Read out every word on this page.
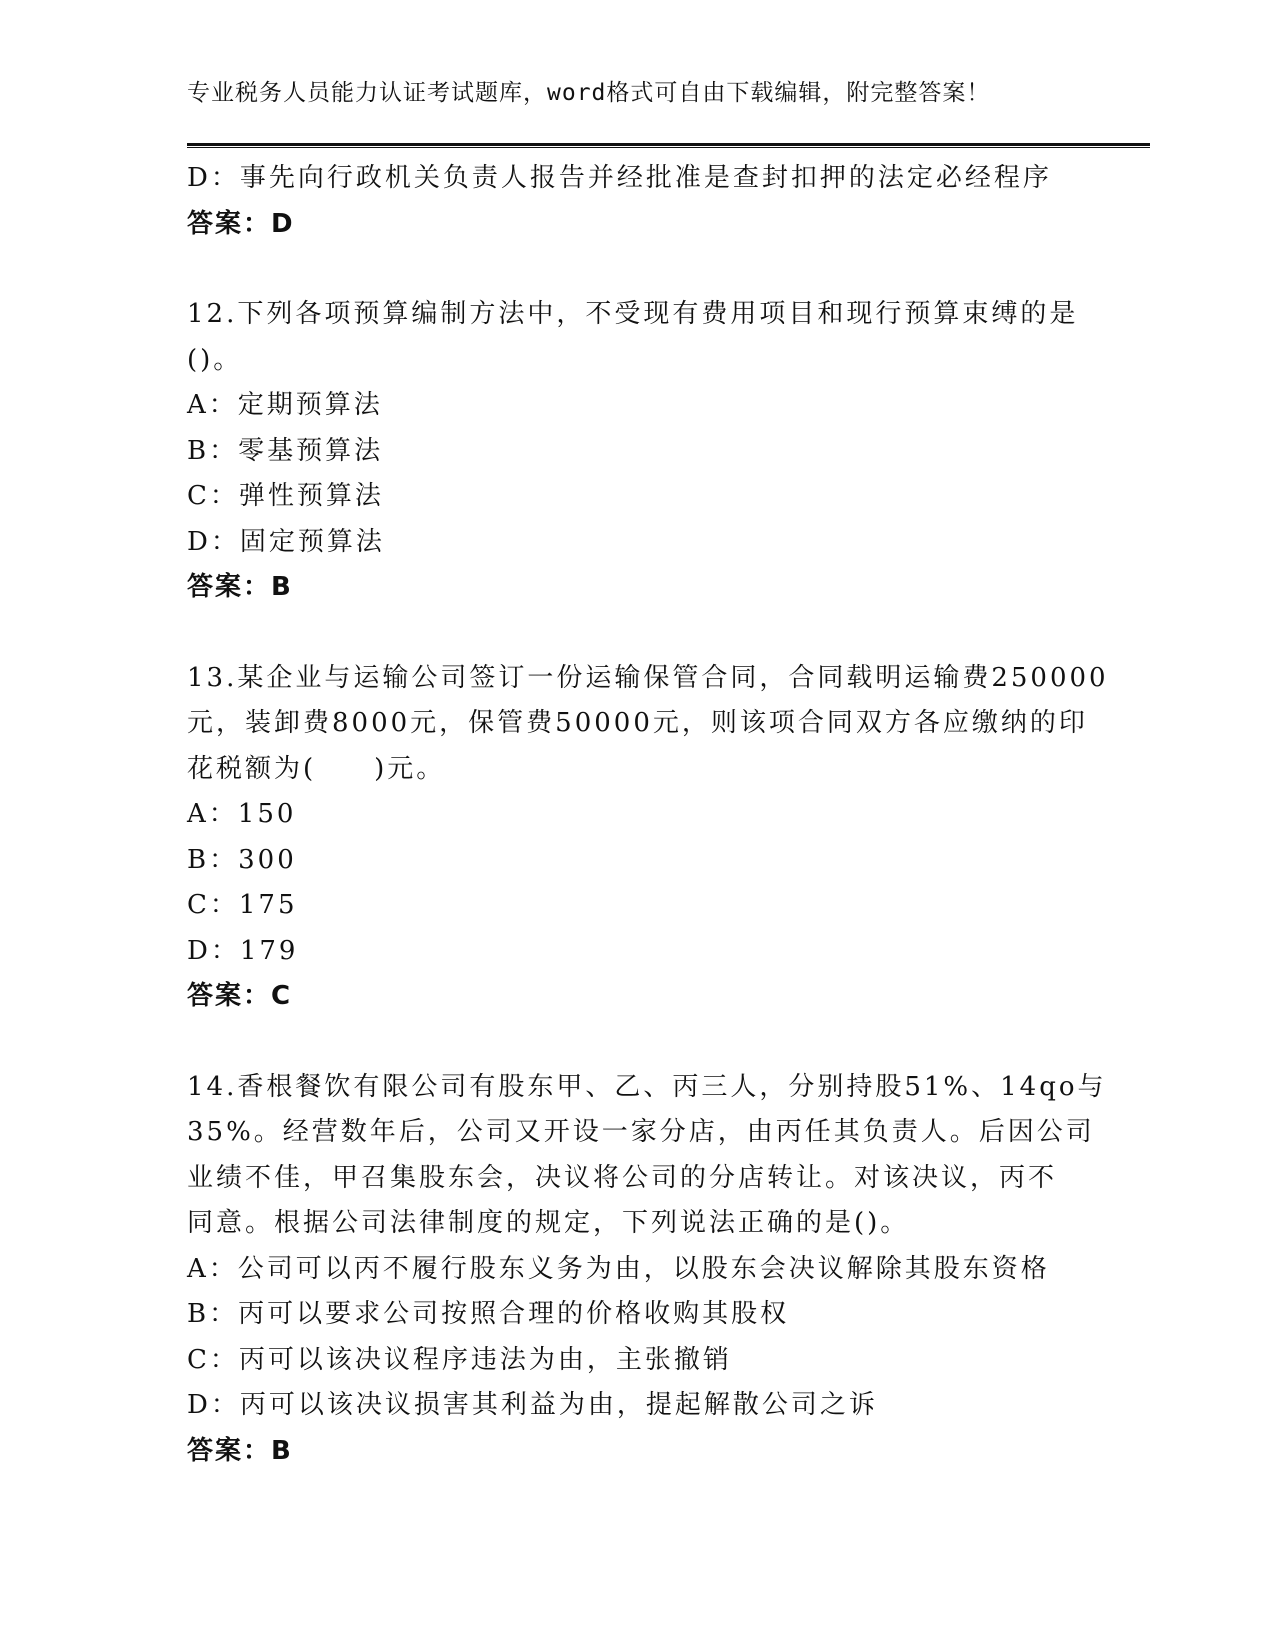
专业税务人员能力认证考试题库，word格式可自由下载编辑，附完整答案！
D：事先向行政机关负责人报告并经批准是查封扣押的法定必经程序
答案：D
12.下列各项预算编制方法中，不受现有费用项目和现行预算束缚的是
()。
A：定期预算法
B：零基预算法
C：弹性预算法
D：固定预算法
答案：B
13.某企业与运输公司签订一份运输保管合同，合同载明运输费250000
元，装卸费8000元，保管费50000元，则该项合同双方各应缴纳的印
花税额为(　　)元。
A：150
B：300
C：175
D：179
答案：C
14.香根餐饮有限公司有股东甲、乙、丙三人，分别持股51%、14qo与
35%。经营数年后，公司又开设一家分店，由丙任其负责人。后因公司
业绩不佳，甲召集股东会，决议将公司的分店转让。对该决议，丙不
同意。根据公司法律制度的规定，下列说法正确的是()。
A：公司可以丙不履行股东义务为由，以股东会决议解除其股东资格
B：丙可以要求公司按照合理的价格收购其股权
C：丙可以该决议程序违法为由，主张撤销
D：丙可以该决议损害其利益为由，提起解散公司之诉
答案：B
